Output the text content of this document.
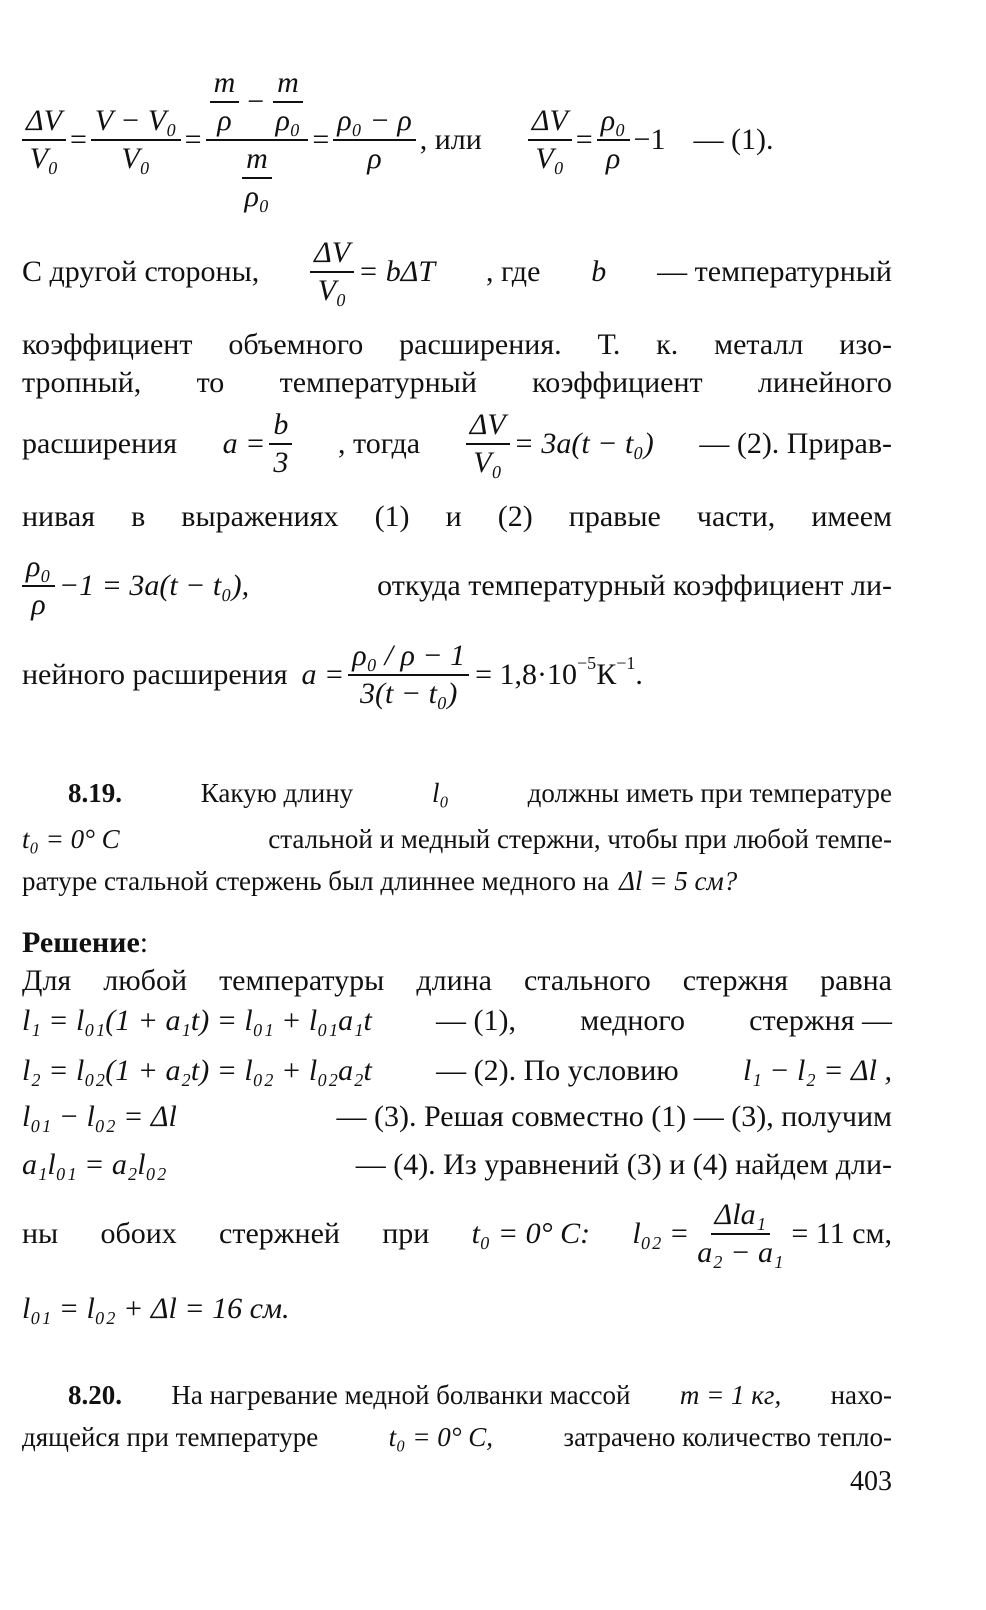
$\frac{\Delta V}{\text{V₀}} = \frac{\text{V − V₀}}{\text{V₀}} = \frac{\frac{m}{\rho} - \frac{m}{\text{ρ₀}}}{\frac{m}{\text{ρ₀}}} = \frac{\text{ρ₀ − ρ}}{\rho}$ , или $\frac{\Delta V}{\text{V₀}} = \frac{\text{ρ₀}}{\rho} -1$ — (1).
С другой стороны, $\frac{\Delta V}{\text{V₀}} = b\Delta T$ , где b — температурный
коэффициент объемного расширения. Т. к. металл изо-
тропный, то температурный коэффициент линейного
расширения $a = \frac{b}{3}$ , тогда $\frac{\Delta V}{\text{V₀}} = 3a(t - t_0)$ — (2). Прирав-
нивая в выражениях (1) и (2) правые части, имеем
$\frac{\text{ρ₀}}{\rho} -1 = 3a(t - t_0)$,	откуда температурный коэффициент ли-
нейного расширения $a = \frac{\text{ρ₀ / ρ − 1}}{\text{3(t − t₀)}} = 1,8\cdot 10^{-5}$ $К^{-1}$ .
8.19.	Какую длину	l₀	должны иметь при температуре
t₀ = 0° С	стальной и медный стержни, чтобы при любой темпе-
ратуре стальной стержень был длиннее медного на Δl = 5 см?
Решение:
Для любой температуры длина стального стержня равна
l₁ = l₀₁(1 + a₁t) = l₀₁ + l₀₁a₁t — (1), медного стержня —
l₂ = l₀₂(1 + a₂t) = l₀₂ + l₀₂a₂t — (2). По условию l₁ − l₂ = Δl ,
l₀₁ − l₀₂ = Δl	— (3). Решая совместно (1) — (3), получим
a₁l₀₁ = a₂l₀₂	— (4). Из уравнений (3) и (4) найдем дли-
ны обоих стержней при t₀ = 0° С: $l_{02} = \frac{\text{Δla₁}}{\text{a₂ − a₁}} = 11$ см,
l₀₁ = l₀₂ + Δl = 16 см.
8.20. На нагревание медной болванки массой m = 1 кг, нахо-
дящейся при температуре	t₀ = 0° С,	затрачено количество тепло-
403
